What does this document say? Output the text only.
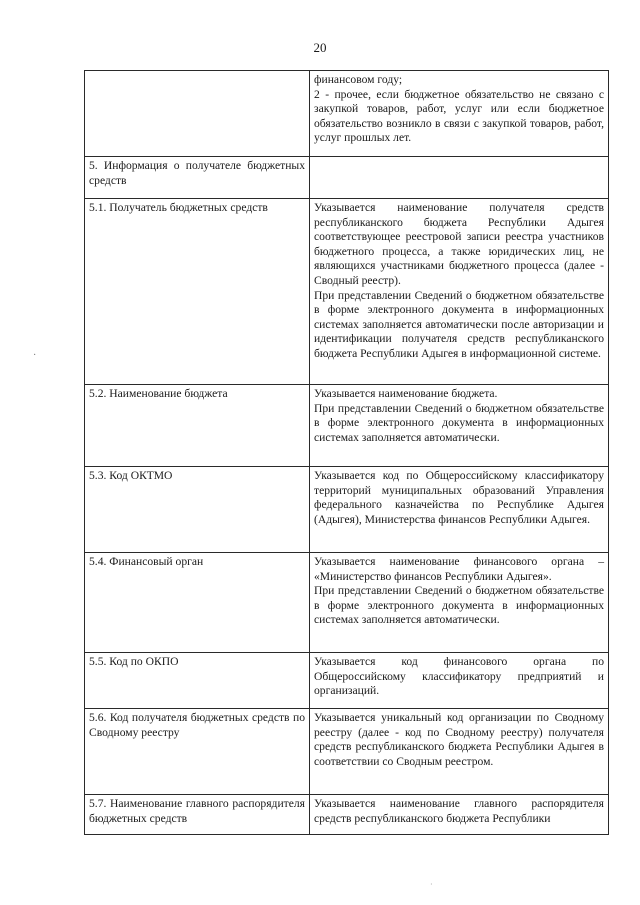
20
·

	финансовом году;
2 - прочее, если бюджетное обязательство не связано с закупкой товаров, работ, услуг или если бюджетное обязательство возникло в связи с закупкой товаров, работ, услуг прошлых лет.

5. Информация о получателе бюджетных средств	

5.1. Получатель бюджетных средств	Указывается наименование получателя средств республиканского бюджета Республики Адыгея соответствующее реестровой записи реестра участников бюджетного процесса, а также юридических лиц, не являющихся участниками бюджетного процесса (далее - Сводный реестр).
При представлении Сведений о бюджетном обязательстве в форме электронного документа в информационных системах заполняется автоматически после авторизации и идентификации получателя средств республиканского бюджета Республики Адыгея в информационной системе.

5.2. Наименование бюджета	Указывается наименование бюджета.
При представлении Сведений о бюджетном обязательстве в форме электронного документа в информационных системах заполняется автоматически.

5.3. Код ОКТМО	Указывается код по Общероссийскому классификатору территорий муниципальных образований Управления федерального казначейства по Республике Адыгея (Адыгея), Министерства финансов Республики Адыгея.

5.4. Финансовый орган	Указывается наименование финансового органа – «Министерство финансов Республики Адыгея».
При представлении Сведений о бюджетном обязательстве в форме электронного документа в информационных системах заполняется автоматически.

5.5. Код по ОКПО	Указывается код финансового органа по Общероссийскому классификатору предприятий и организаций.

5.6. Код получателя бюджетных средств по Сводному реестру	Указывается уникальный код организации по Сводному реестру (далее - код по Сводному реестру) получателя средств республиканского бюджета Республики Адыгея в соответствии со Сводным реестром.

5.7. Наименование главного распорядителя бюджетных средств	Указывается наименование главного распорядителя средств республиканского бюджета Республики
·
